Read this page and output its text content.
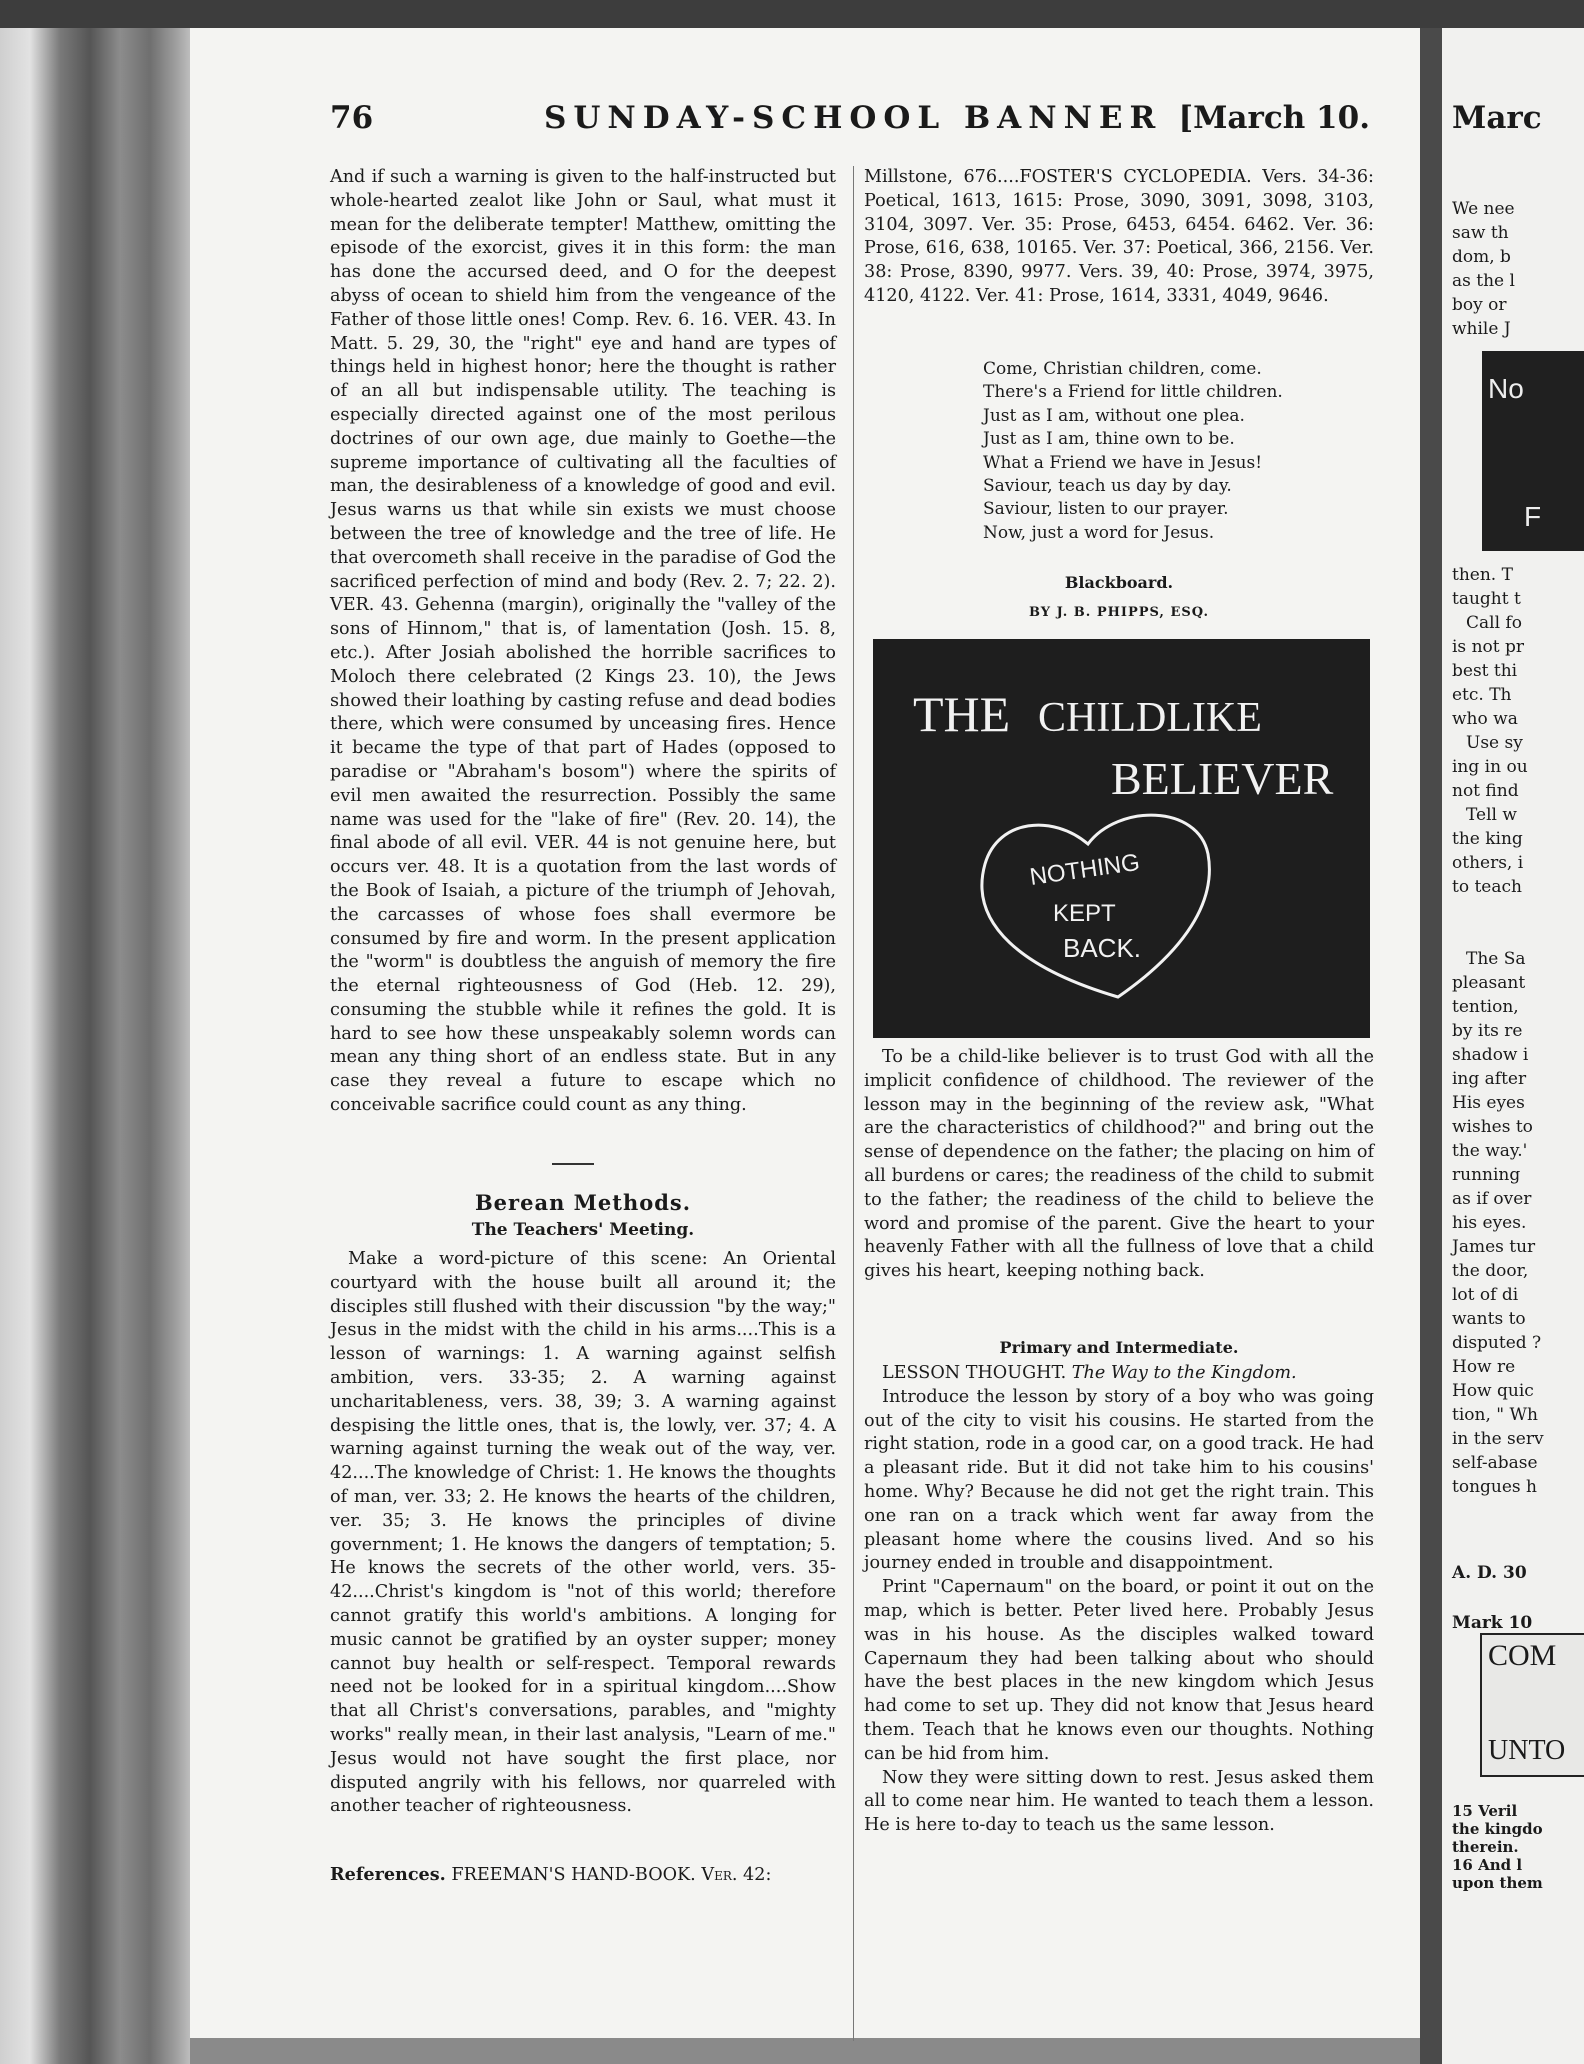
76	SUNDAY-SCHOOL BANNER [March 10.

And if such a warning is given to the half-instructed but whole-hearted zealot like John or Saul, what must it mean for the deliberate tempter! Matthew, omitting the episode of the exorcist, gives it in this form: the man has done the accursed deed, and O for the deepest abyss of ocean to shield him from the vengeance of the Father of those little ones! Comp. Rev. 6. 16. VER. 43. In Matt. 5. 29, 30, the "right" eye and hand are types of things held in highest honor; here the thought is rather of an all but indispensable utility. The teaching is especially directed against one of the most perilous doctrines of our own age, due mainly to Goethe—the supreme importance of cultivating all the faculties of man, the desirableness of a knowledge of good and evil. Jesus warns us that while sin exists we must choose between the tree of knowledge and the tree of life. He that overcometh shall receive in the paradise of God the sacrificed perfection of mind and body (Rev. 2. 7; 22. 2). VER. 43. Gehenna (margin), originally the "valley of the sons of Hinnom," that is, of lamentation (Josh. 15. 8, etc.). After Josiah abolished the horrible sacrifices to Moloch there celebrated (2 Kings 23. 10), the Jews showed their loathing by casting refuse and dead bodies there, which were consumed by unceasing fires. Hence it became the type of that part of Hades (opposed to paradise or "Abraham's bosom") where the spirits of evil men awaited the resurrection. Possibly the same name was used for the "lake of fire" (Rev. 20. 14), the final abode of all evil. VER. 44 is not genuine here, but occurs ver. 48. It is a quotation from the last words of the Book of Isaiah, a picture of the triumph of Jehovah, the carcasses of whose foes shall evermore be consumed by fire and worm. In the present application the "worm" is doubtless the anguish of memory the fire the eternal righteousness of God (Heb. 12. 29), consuming the stubble while it refines the gold. It is hard to see how these unspeakably solemn words can mean any thing short of an endless state. But in any case they reveal a future to escape which no conceivable sacrifice could count as any thing.

Berean Methods.
The Teachers' Meeting.

Make a word-picture of this scene: An Oriental courtyard with the house built all around it; the disciples still flushed with their discussion "by the way;" Jesus in the midst with the child in his arms....This is a lesson of warnings: 1. A warning against selfish ambition, vers. 33-35; 2. A warning against uncharitableness, vers. 38, 39; 3. A warning against despising the little ones, that is, the lowly, ver. 37; 4. A warning against turning the weak out of the way, ver. 42....The knowledge of Christ: 1. He knows the thoughts of man, ver. 33; 2. He knows the hearts of the children, ver. 35; 3. He knows the principles of divine government; 1. He knows the dangers of temptation; 5. He knows the secrets of the other world, vers. 35-42....Christ's kingdom is "not of this world; therefore cannot gratify this world's ambitions. A longing for music cannot be gratified by an oyster supper; money cannot buy health or self-respect. Temporal rewards need not be looked for in a spiritual kingdom....Show that all Christ's conversations, parables, and "mighty works" really mean, in their last analysis, "Learn of me." Jesus would not have sought the first place, nor disputed angrily with his fellows, nor quarreled with another teacher of righteousness.

References. FREEMAN'S HAND-BOOK. Ver. 42:

Millstone, 676....FOSTER'S CYCLOPEDIA. Vers. 34-36: Poetical, 1613, 1615: Prose, 3090, 3091, 3098, 3103, 3104, 3097. Ver. 35: Prose, 6453, 6454. 6462. Ver. 36: Prose, 616, 638, 10165. Ver. 37: Poetical, 366, 2156. Ver. 38: Prose, 8390, 9977. Vers. 39, 40: Prose, 3974, 3975, 4120, 4122. Ver. 41: Prose, 1614, 3331, 4049, 9646.

Come, Christian children, come.
There's a Friend for little children.
Just as I am, without one plea.
Just as I am, thine own to be.
What a Friend we have in Jesus!
Saviour, teach us day by day.
Saviour, listen to our prayer.
Now, just a word for Jesus.
Blackboard.
BY J. B. PHIPPS, ESQ.
THE CHILDLIKE
BELIEVER
NOTHING
KEPT
BACK.

To be a child-like believer is to trust God with all the implicit confidence of childhood. The reviewer of the lesson may in the beginning of the review ask, "What are the characteristics of childhood?" and bring out the sense of dependence on the father; the placing on him of all burdens or cares; the readiness of the child to submit to the father; the readiness of the child to believe the word and promise of the parent. Give the heart to your heavenly Father with all the fullness of love that a child gives his heart, keeping nothing back.

Primary and Intermediate.

LESSON THOUGHT. The Way to the Kingdom.

Introduce the lesson by story of a boy who was going out of the city to visit his cousins. He started from the right station, rode in a good car, on a good track. He had a pleasant ride. But it did not take him to his cousins' home. Why? Because he did not get the right train. This one ran on a track which went far away from the pleasant home where the cousins lived. And so his journey ended in trouble and disappointment.

Print "Capernaum" on the board, or point it out on the map, which is better. Peter lived here. Probably Jesus was in his house. As the disciples walked toward Capernaum they had been talking about who should have the best places in the new kingdom which Jesus had come to set up. They did not know that Jesus heard them. Teach that he knows even our thoughts. Nothing can be hid from him.

Now they were sitting down to rest. Jesus asked them all to come near him. He wanted to teach them a lesson. He is here to-day to teach us the same lesson.

Marc
We nee
saw th
dom, b
as the l
boy or
while J
No
F
then. T
taught t
Call fo
is not pr
best thi
etc. Th
who wa
Use sy
ing in ou
not find
Tell w
the king
others, i
to teach
The Sa
pleasant
tention,
by its re
shadow i
ing after
His eyes
wishes to
the way.'
running
as if over
his eyes.
James tur
the door,
lot of di
wants to
disputed ?
How re
How quic
tion, " Wh
in the serv
self-abase
tongues h
A. D. 30
Mark 10
COM
UNTO
15 Veril
the kingdo
therein.
16 And l
upon them
